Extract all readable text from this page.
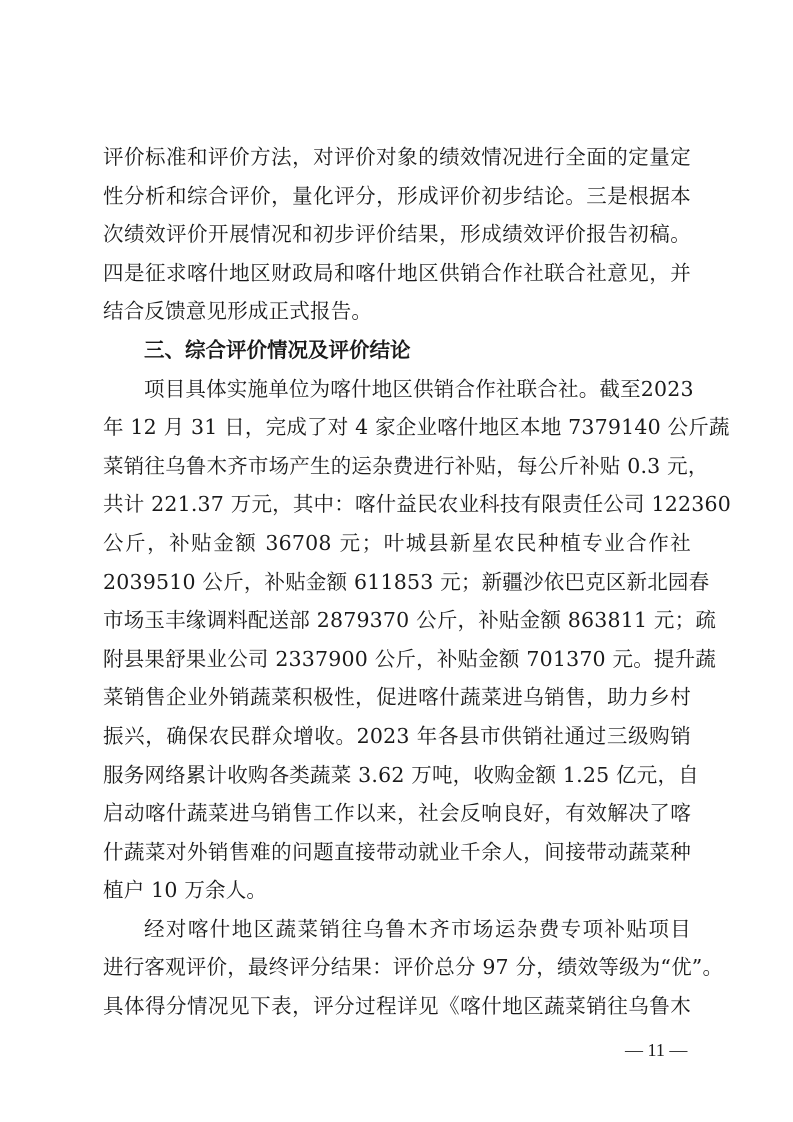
评价标准和评价方法，对评价对象的绩效情况进行全面的定量定
性分析和综合评价，量化评分，形成评价初步结论。三是根据本
次绩效评价开展情况和初步评价结果，形成绩效评价报告初稿。
四是征求喀什地区财政局和喀什地区供销合作社联合社意见，并
结合反馈意见形成正式报告。
三、综合评价情况及评价结论
项目具体实施单位为喀什地区供销合作社联合社。截至2023
年 12 月 31 日，完成了对 4 家企业喀什地区本地 7379140 公斤蔬
菜销往乌鲁木齐市场产生的运杂费进行补贴，每公斤补贴 0.3 元，
共计 221.37 万元，其中：喀什益民农业科技有限责任公司 122360
公斤，补贴金额 36708 元；叶城县新星农民种植专业合作社
2039510 公斤，补贴金额 611853 元；新疆沙依巴克区新北园春
市场玉丰缘调料配送部 2879370 公斤，补贴金额 863811 元；疏
附县果舒果业公司 2337900 公斤，补贴金额 701370 元。提升蔬
菜销售企业外销蔬菜积极性，促进喀什蔬菜进乌销售，助力乡村
振兴，确保农民群众增收。2023 年各县市供销社通过三级购销
服务网络累计收购各类蔬菜 3.62 万吨，收购金额 1.25 亿元，自
启动喀什蔬菜进乌销售工作以来，社会反响良好，有效解决了喀
什蔬菜对外销售难的问题直接带动就业千余人，间接带动蔬菜种
植户 10 万余人。
经对喀什地区蔬菜销往乌鲁木齐市场运杂费专项补贴项目
进行客观评价，最终评分结果：评价总分 97 分，绩效等级为“优”。
具体得分情况见下表，评分过程详见《喀什地区蔬菜销往乌鲁木
— 11 —
